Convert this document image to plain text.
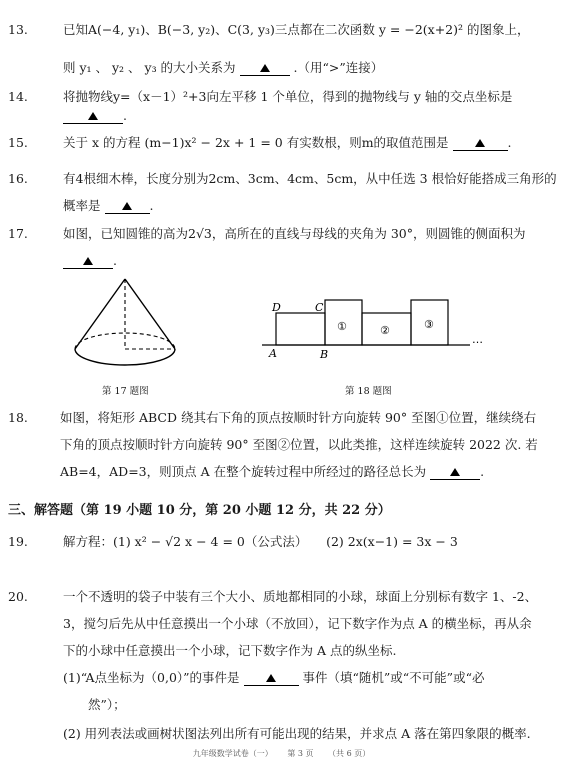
13.	已知A(−4, y₁)、B(−3, y₂)、C(3, y₃)三点都在二次函数 y = −2(x+2)² 的图象上，
则 y₁ 、 y₂ 、 y₃ 的大小关系为	.（用“>”连接）
14.	将抛物线y=（x－1）²+3向左平移 1 个单位，得到的抛物线与 y 轴的交点坐标是
.
15.	关于 x 的方程 (m−1)x² − 2x + 1 = 0 有实数根，则m的取值范围是	.
16.	有4根细木棒，长度分别为2cm、3cm、4cm、5cm，从中任选 3 根恰好能搭成三角形的
概率是	.
17.	如图，已知圆锥的高为2√3，高所在的直线与母线的夹角为 30°，则圆锥的侧面积为
.
第 17 题图
D	C
A	B
①	②	③
…
第 18 题图
18.	如图，将矩形 ABCD 绕其右下角的顶点按顺时针方向旋转 90° 至图①位置，继续绕右
下角的顶点按顺时针方向旋转 90° 至图②位置，以此类推，这样连续旋转 2022 次. 若
AB=4，AD=3，则顶点 A 在整个旋转过程中所经过的路径总长为	.
三、解答题（第 19 小题 10 分，第 20 小题 12 分，共 22 分）
19.	解方程：(1) x² − √2 x − 4 = 0（公式法）　　(2) 2x(x−1) = 3x − 3
20.	一个不透明的袋子中装有三个大小、质地都相同的小球，球面上分别标有数字 1、-2、
3，搅匀后先从中任意摸出一个小球（不放回），记下数字作为点 A 的横坐标，再从余
下的小球中任意摸出一个小球，记下数字作为 A 点的纵坐标.
(1)“A点坐标为（0,0）”的事件是	事件（填“随机”或“不可能”或“必
然”）；
(2) 用列表法或画树状图法列出所有可能出现的结果，并求点 A 落在第四象限的概率.
九年级数学试卷（一） 第 3 页 （共 6 页）
